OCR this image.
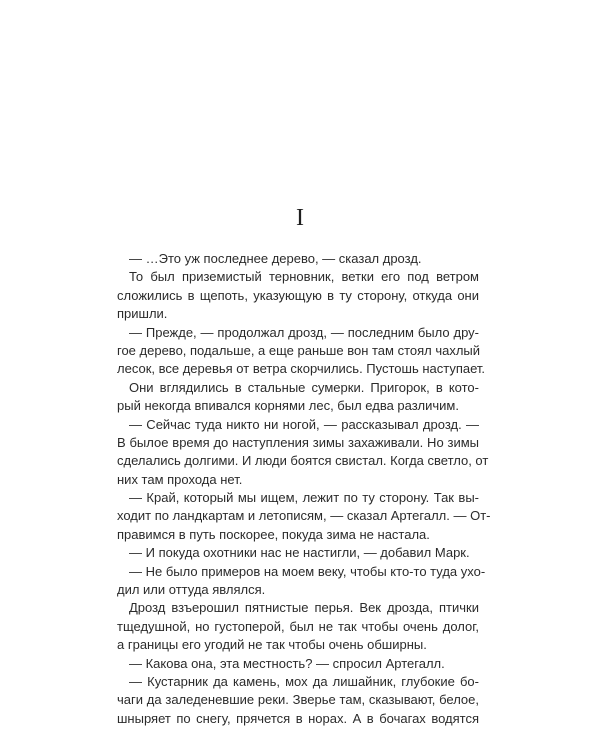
I
— …Это уж последнее дерево, — сказал дрозд.
То был приземистый терновник, ветки его под ветром
сложились в щепоть, указующую в ту сторону, откуда они
пришли.
— Прежде, — продолжал дрозд, — последним было дру-
гое дерево, подальше, а еще раньше вон там стоял чахлый
лесок, все деревья от ветра скорчились. Пустошь наступает.
Они вглядились в стальные сумерки. Пригорок, в кото-
рый некогда впивался корнями лес, был едва различим.
— Сейчас туда никто ни ногой, — рассказывал дрозд. —
В былое время до наступления зимы захаживали. Но зимы
сделались долгими. И люди боятся свистал. Когда светло, от
них там прохода нет.
— Край, который мы ищем, лежит по ту сторону. Так вы-
ходит по ландкартам и летописям, — сказал Артегалл. — От-
правимся в путь поскорее, покуда зима не настала.
— И покуда охотники нас не настигли, — добавил Марк.
— Не было примеров на моем веку, чтобы кто-то туда ухо-
дил или оттуда являлся.
Дрозд взъерошил пятнистые перья. Век дрозда, птички
тщедушной, но густоперой, был не так чтобы очень долог,
а границы его угодий не так чтобы очень обширны.
— Какова она, эта местность? — спросил Артегалл.
— Кустарник да камень, мох да лишайник, глубокие бо-
чаги да заледеневшие реки. Зверье там, сказывают, белое,
шныряет по снегу, прячется в норах. А в бочагах водятся
